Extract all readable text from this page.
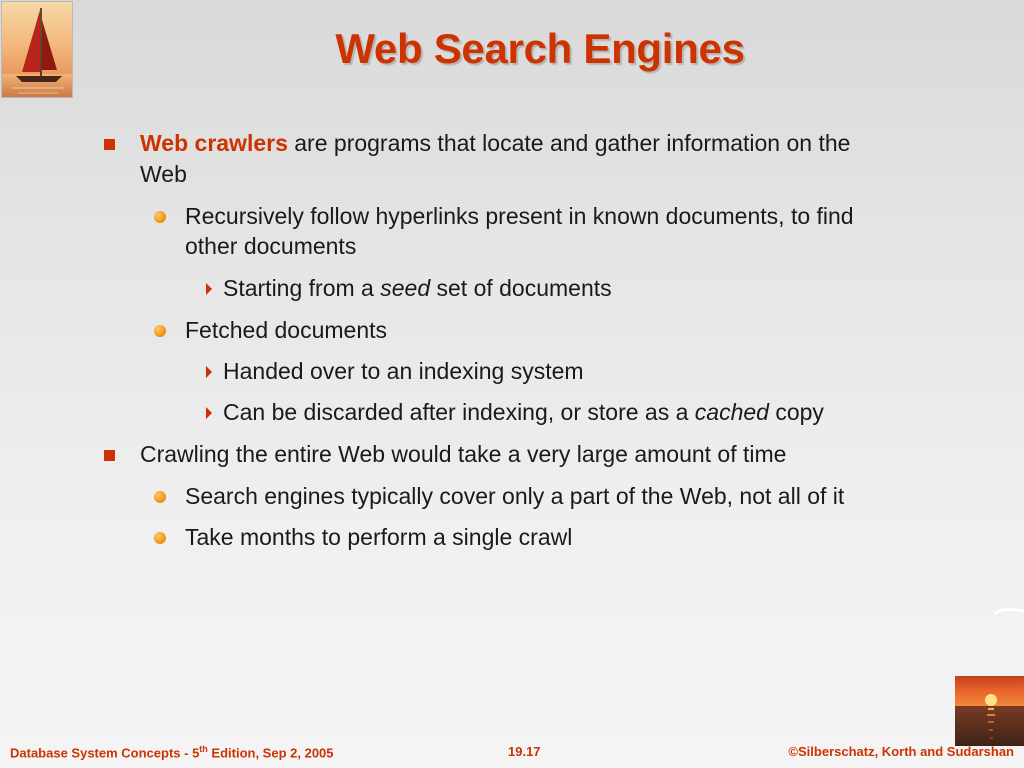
Web Search Engines
Web crawlers are programs that locate and gather information on the
Web
Recursively follow hyperlinks present in known documents, to find
other documents
Starting from a seed set of documents
Fetched documents
Handed over to an indexing system
Can be discarded after indexing, or store as a cached copy
Crawling the entire Web would take a very large amount of time
Search engines typically cover only a part of the Web, not all of it
Take months to perform a single crawl
Database System Concepts - 5th Edition, Sep 2, 2005	19.17	©Silberschatz, Korth and Sudarshan
